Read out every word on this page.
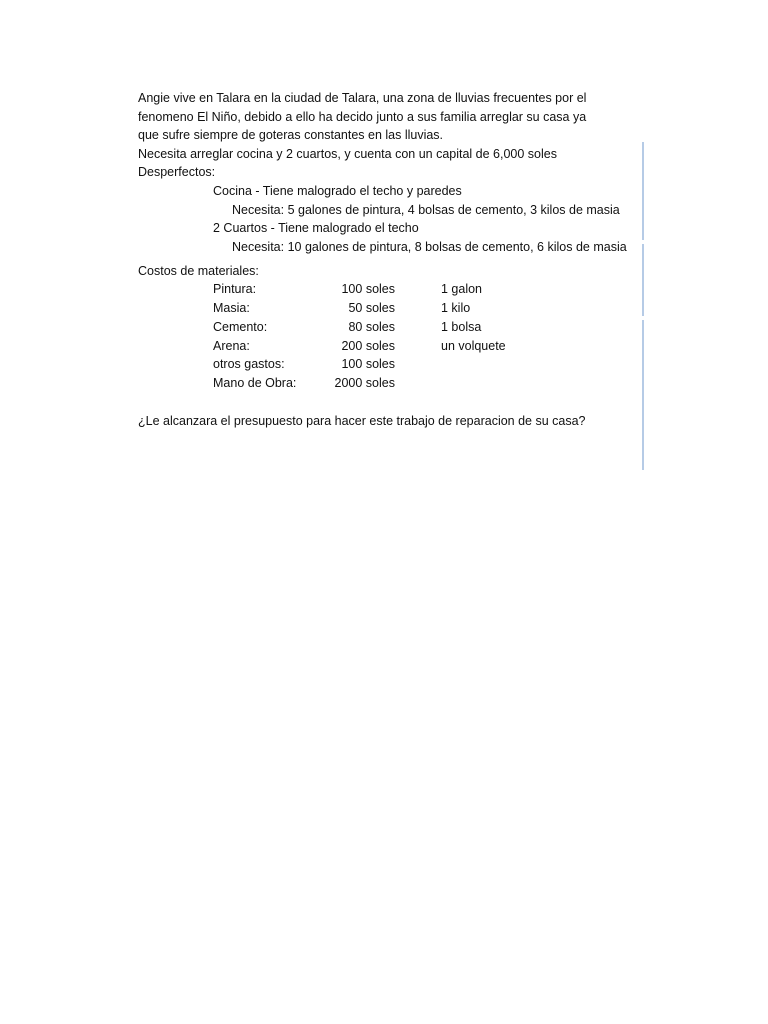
Angie vive en Talara en la ciudad de Talara, una zona de lluvias frecuentes por el
fenomeno El Niño, debido a ello ha decido junto a sus familia arreglar su casa ya
que sufre siempre de goteras constantes en las lluvias.
Necesita arreglar cocina y 2 cuartos, y cuenta con un capital de 6,000 soles
Desperfectos:
Cocina - Tiene malogrado el techo y paredes
Necesita: 5 galones de pintura, 4 bolsas de cemento, 3 kilos de masia
2 Cuartos - Tiene malogrado el techo
Necesita: 10 galones de pintura, 8 bolsas de cemento, 6 kilos de masia
Costos de materiales:
Pintura:	100 soles	1 galon
Masia:	50 soles	1 kilo
Cemento:	80 soles	1 bolsa
Arena:	200 soles	un volquete
otros gastos:	100 soles
Mano de Obra:	2000 soles
¿Le alcanzara el presupuesto para hacer este trabajo de reparacion de su casa?
